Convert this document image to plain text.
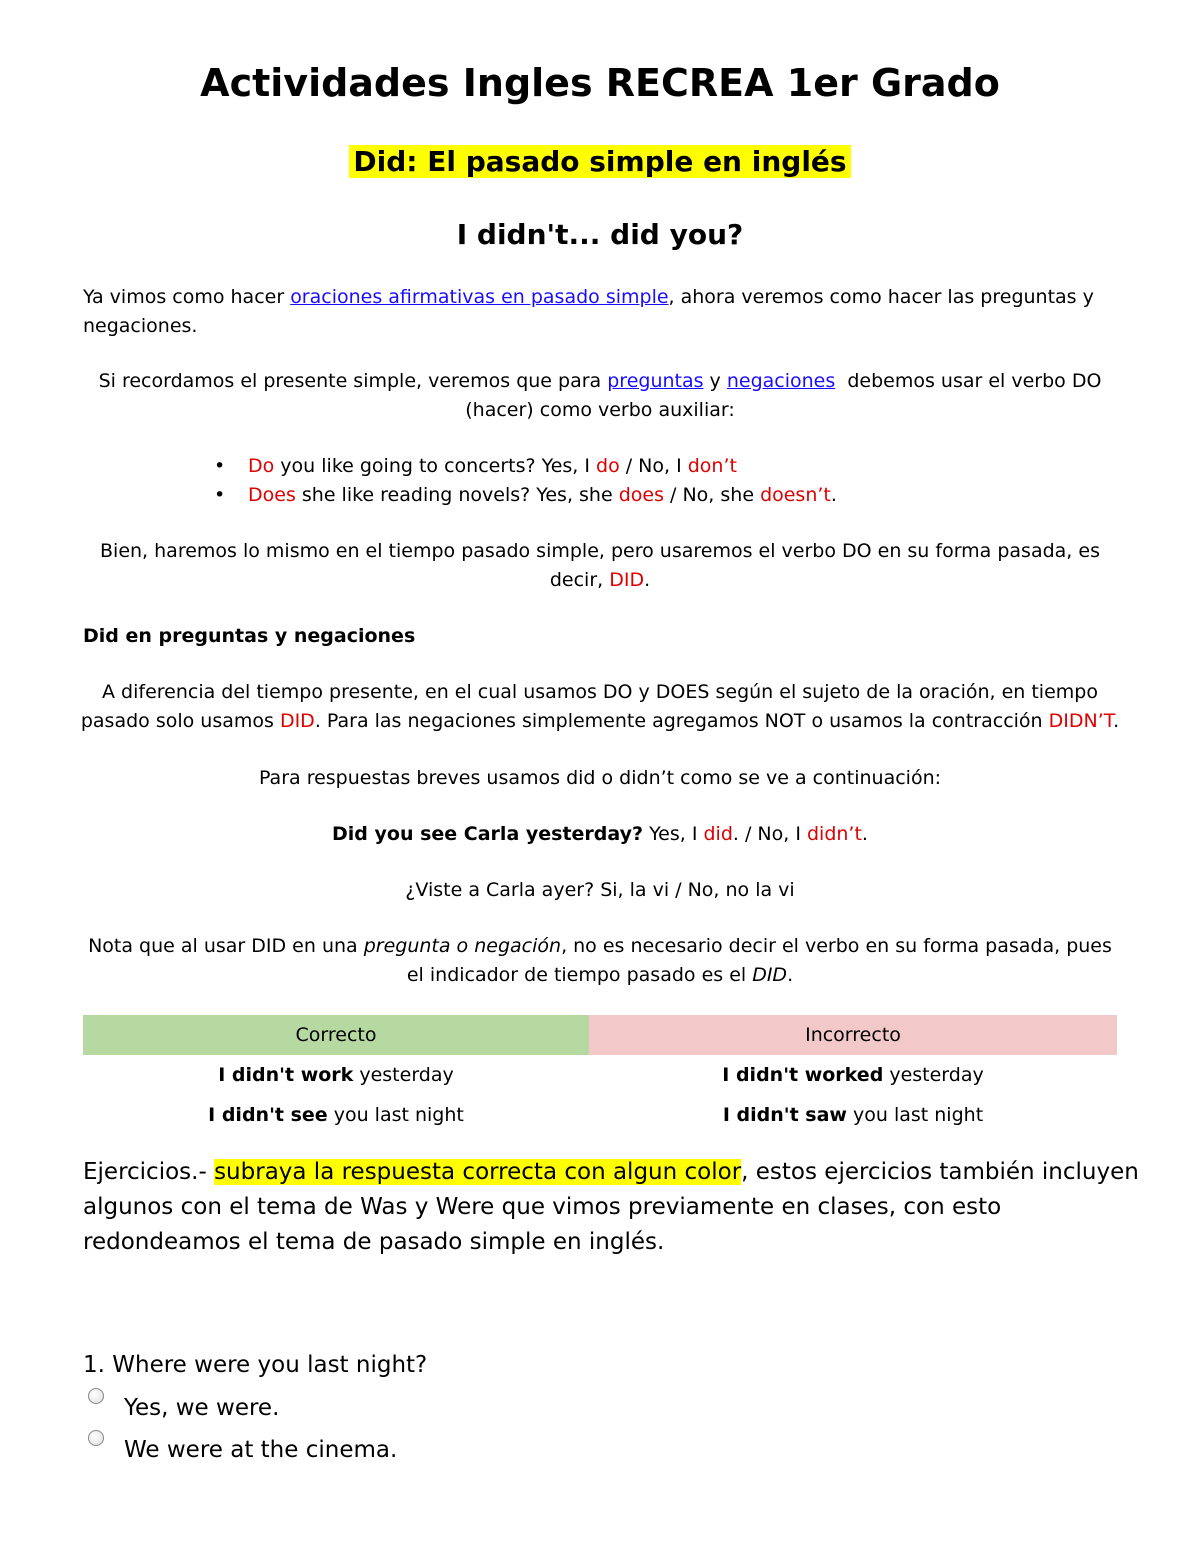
Actividades Ingles RECREA 1er Grado
Did: El pasado simple en inglés
I didn't... did you?
Ya vimos como hacer oraciones afirmativas en pasado simple, ahora veremos como hacer las preguntas y
negaciones.
Si recordamos el presente simple, veremos que para preguntas y negaciones  debemos usar el verbo DO
(hacer) como verbo auxiliar:
• Do you like going to concerts? Yes, I do / No, I don’t
• Does she like reading novels? Yes, she does / No, she doesn’t.
Bien, haremos lo mismo en el tiempo pasado simple, pero usaremos el verbo DO en su forma pasada, es
decir, DID.
Did en preguntas y negaciones
A diferencia del tiempo presente, en el cual usamos DO y DOES según el sujeto de la oración, en tiempo
pasado solo usamos DID. Para las negaciones simplemente agregamos NOT o usamos la contracción DIDN’T.
Para respuestas breves usamos did o didn’t como se ve a continuación:
Did you see Carla yesterday? Yes, I did. / No, I didn’t.
¿Viste a Carla ayer? Si, la vi / No, no la vi
Nota que al usar DID en una pregunta o negación, no es necesario decir el verbo en su forma pasada, pues
el indicador de tiempo pasado es el DID.
Correcto	Incorrecto
I didn't work yesterday	I didn't worked yesterday
I didn't see you last night	I didn't saw you last night
Ejercicios.- subraya la respuesta correcta con algun color, estos ejercicios también incluyen
algunos con el tema de Was y Were que vimos previamente en clases, con esto
redondeamos el tema de pasado simple en inglés.
1. Where were you last night?
Yes, we were.
We were at the cinema.
